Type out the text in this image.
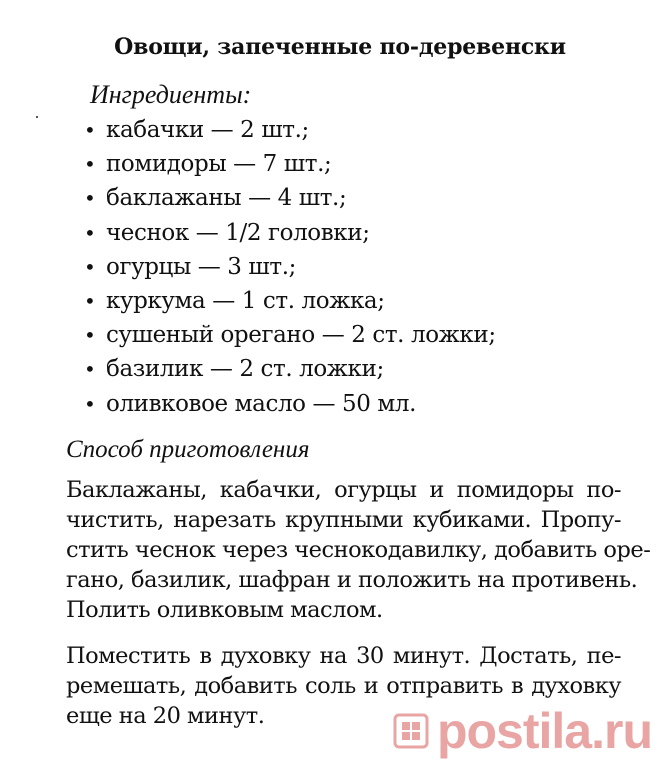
Овощи, запеченные по-деревенски
Ингредиенты:
• кабачки — 2 шт.;
• помидоры — 7 шт.;
• баклажаны — 4 шт.;
• чеснок — 1/2 головки;
• огурцы — 3 шт.;
• куркума — 1 ст. ложка;
• сушеный орегано — 2 ст. ложки;
• базилик — 2 ст. ложки;
• оливковое масло — 50 мл.
Способ приготовления
Баклажаны, кабачки, огурцы и помидоры по-
чистить, нарезать крупными кубиками. Пропу-
стить чеснок через чеснокодавилку, добавить оре-
гано, базилик, шафран и положить на противень.
Полить оливковым маслом.
Поместить в духовку на 30 минут. Достать, пе-
ремешать, добавить соль и отправить в духовку
еще на 20 минут.	postila.ru
